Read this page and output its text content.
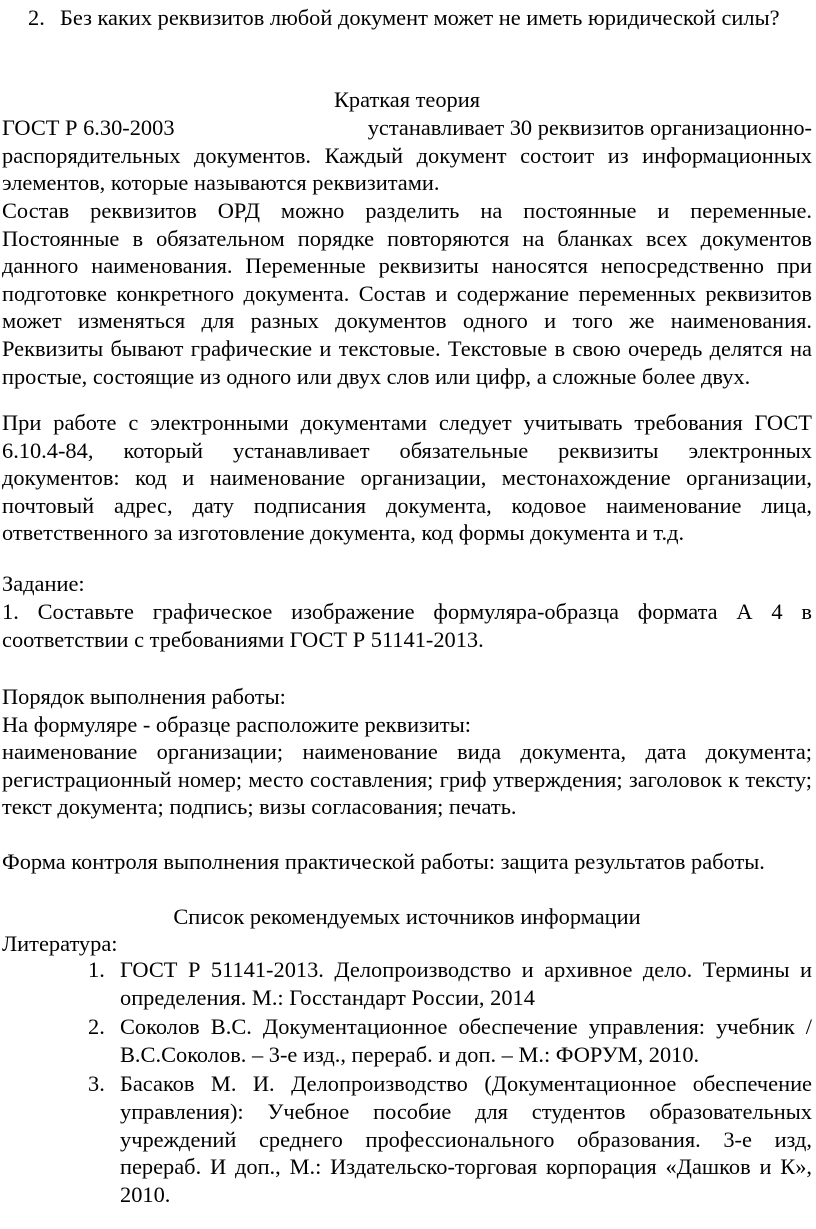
2. Без каких реквизитов любой документ может не иметь юридической силы?

Краткая теория
ГОСТ Р 6.30-2003	устанавливает 30 реквизитов организационно-

распорядительных документов. Каждый документ состоит из информационных элементов, которые называются реквизитами.

Состав реквизитов ОРД можно разделить на постоянные и переменные. Постоянные в обязательном порядке повторяются на бланках всех документов данного наименования. Переменные реквизиты наносятся непосредственно при подготовке конкретного документа. Состав и содержание переменных реквизитов может изменяться для разных документов одного и того же наименования. Реквизиты бывают графические и текстовые. Текстовые в свою очередь делятся на простые, состоящие из одного или двух слов или цифр, а сложные более двух.

При работе с электронными документами следует учитывать требования ГОСТ 6.10.4-84, который устанавливает обязательные реквизиты электронных документов: код и наименование организации, местонахождение организации, почтовый адрес, дату подписания документа, кодовое наименование лица, ответственного за изготовление документа, код формы документа и т.д.

Задание:

1. Составьте графическое изображение формуляра-образца формата А 4 в соответствии с требованиями ГОСТ Р 51141-2013.

Порядок выполнения работы:
На формуляре - образце расположите реквизиты:

наименование организации; наименование вида документа, дата документа; регистрационный номер; место составления; гриф утверждения; заголовок к тексту; текст документа; подпись; визы согласования; печать.

Форма контроля выполнения практической работы: защита результатов работы.

Список рекомендуемых источников информации
Литература:
1. ГОСТ Р 51141-2013. Делопроизводство и архивное дело. Термины и определения. М.: Госстандарт России, 2014

2. Соколов В.С. Документационное обеспечение управления: учебник / В.С.Соколов. – 3-е изд., перераб. и доп. – М.: ФОРУМ, 2010.

3. Басаков М. И. Делопроизводство (Документационное обеспечение управления): Учебное пособие для студентов образовательных учреждений среднего профессионального образования. 3-е изд, перераб. И доп., М.: Издательско-торговая корпорация «Дашков и К», 2010.
